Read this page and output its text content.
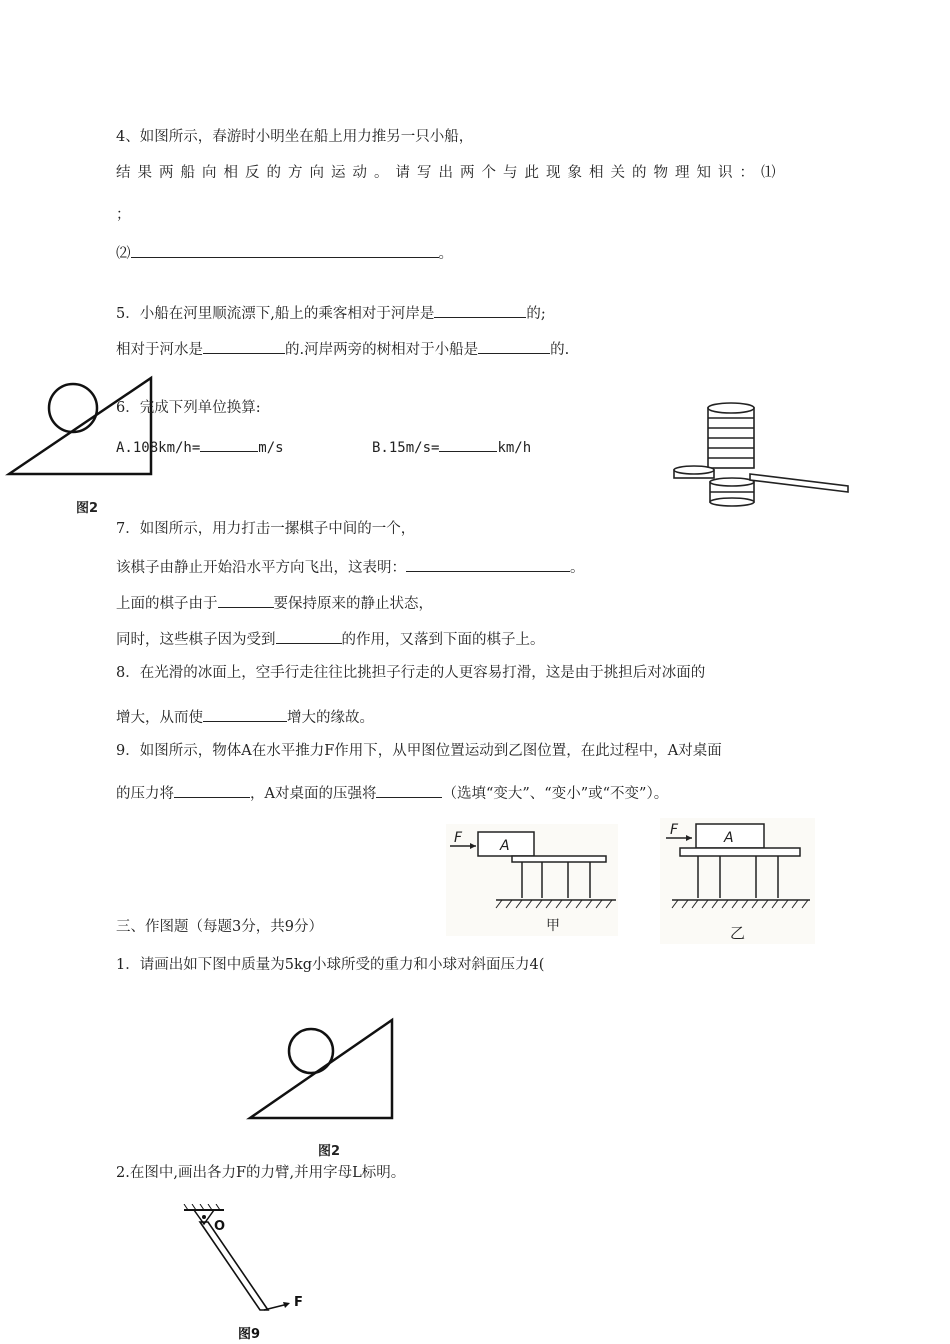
4、如图所示，春游时小明坐在船上用力推另一只小船，
结果两船向相反的方向运动。请写出两个与此现象相关的物理知识：⑴
；
⑵	。
5．小船在河里顺流漂下,船上的乘客相对于河岸是	的;
相对于河水是	的.河岸两旁的树相对于小船是	的.
图2
6．完成下列单位换算:
A.108km/h=	m/s	B.15m/s=	km/h
7．如图所示，用力打击一摞棋子中间的一个，
该棋子由静止开始沿水平方向飞出，这表明：	。
上面的棋子由于	要保持原来的静止状态，
同时，这些棋子因为受到	的作用，又落到下面的棋子上。
8．在光滑的冰面上，空手行走往往比挑担子行走的人更容易打滑，这是由于挑担后对冰面的
增大，从而使	增大的缘故。
9．如图所示，物体A在水平推力F作用下，从甲图位置运动到乙图位置，在此过程中，A对桌面
的压力将	，A对桌面的压强将	（选填“变大”、“变小”或“不变”）。
F	A
甲
F	A
乙
三、作图题（每题3分，共9分）
1．请画出如下图中质量为5kg小球所受的重力和小球对斜面压力4(
图2
2.在图中,画出各力F的力臂,并用字母L标明。
O
F
图9
